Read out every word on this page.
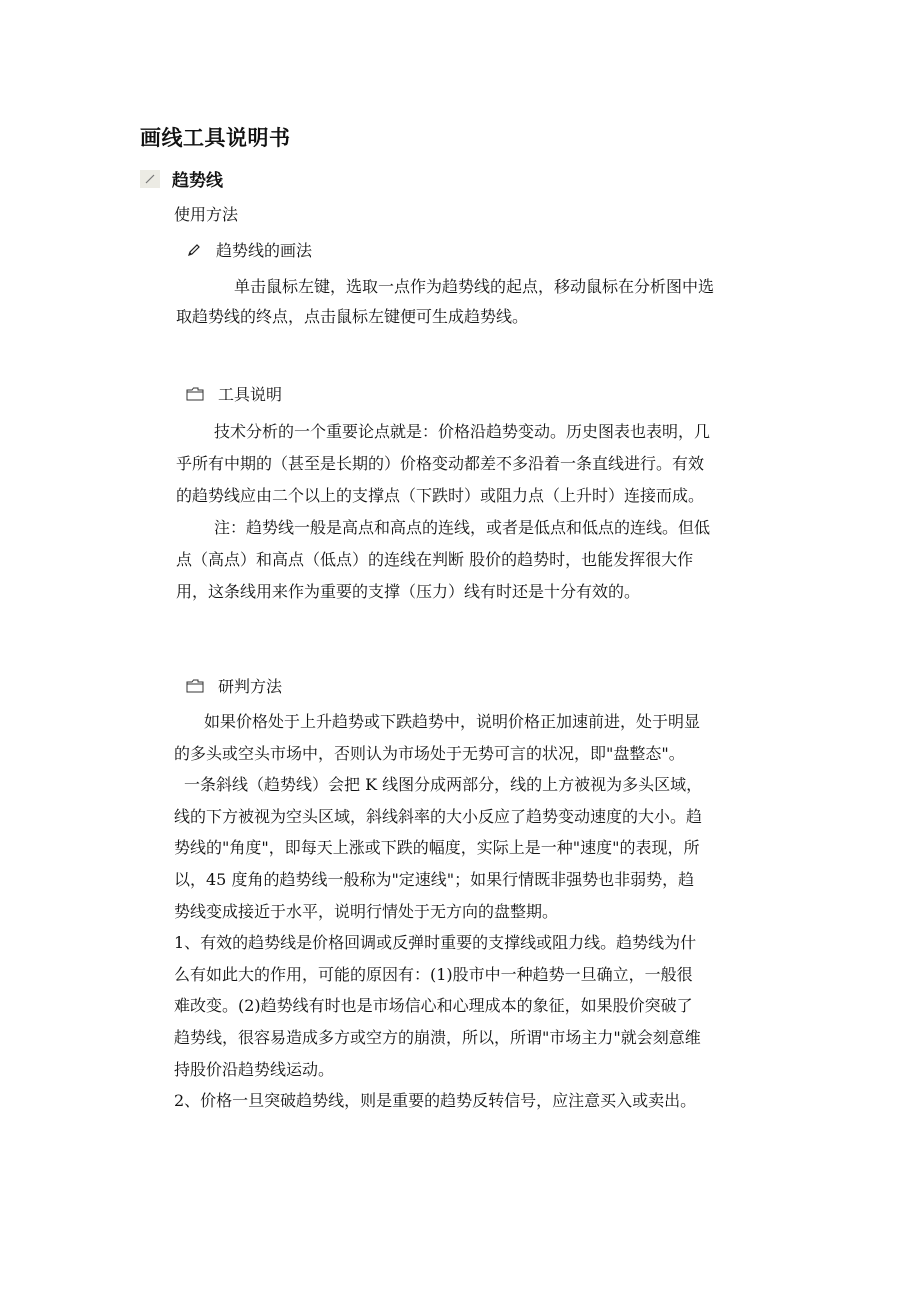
画线工具说明书
趋势线
使用方法
趋势线的画法
单击鼠标左键，选取一点作为趋势线的起点，移动鼠标在分析图中选
取趋势线的终点，点击鼠标左键便可生成趋势线。
工具说明
技术分析的一个重要论点就是：价格沿趋势变动。历史图表也表明，几
乎所有中期的（甚至是长期的）价格变动都差不多沿着一条直线进行。有效
的趋势线应由二个以上的支撑点（下跌时）或阻力点（上升时）连接而成。
注：趋势线一般是高点和高点的连线，或者是低点和低点的连线。但低
点（高点）和高点（低点）的连线在判断 股价的趋势时，也能发挥很大作
用，这条线用来作为重要的支撑（压力）线有时还是十分有效的。
研判方法
如果价格处于上升趋势或下跌趋势中，说明价格正加速前进，处于明显
的多头或空头市场中，否则认为市场处于无势可言的状况，即"盘整态"。
一条斜线（趋势线）会把 K 线图分成两部分，线的上方被视为多头区域，
线的下方被视为空头区域，斜线斜率的大小反应了趋势变动速度的大小。趋
势线的"角度"，即每天上涨或下跌的幅度，实际上是一种"速度"的表现，所
以，45 度角的趋势线一般称为"定速线"；如果行情既非强势也非弱势，趋
势线变成接近于水平，说明行情处于无方向的盘整期。
1、有效的趋势线是价格回调或反弹时重要的支撑线或阻力线。趋势线为什
么有如此大的作用，可能的原因有：(1)股市中一种趋势一旦确立，一般很
难改变。(2)趋势线有时也是市场信心和心理成本的象征，如果股价突破了
趋势线，很容易造成多方或空方的崩溃，所以，所谓"市场主力"就会刻意维
持股价沿趋势线运动。
2、价格一旦突破趋势线，则是重要的趋势反转信号，应注意买入或卖出。
